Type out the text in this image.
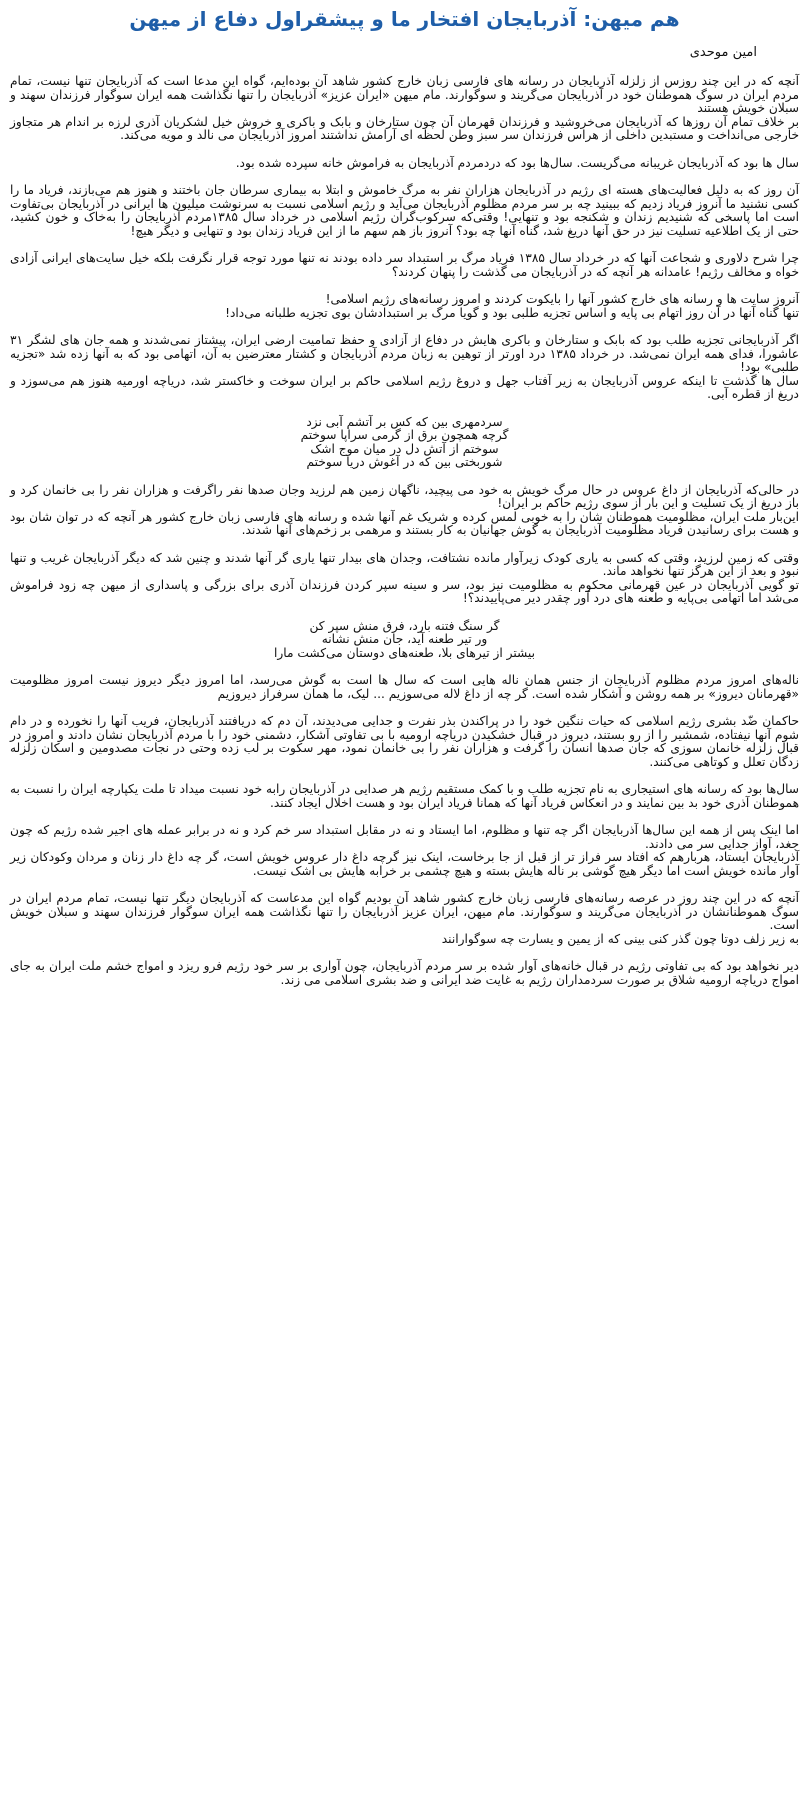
هم میهن: آذربایجان افتخار ما و پیشقراول دفاع از میهن
امین موحدی
آنچه که در این چند روزس از زلزله آذربایجان در رسانه های فارسی زبان خارج کشور شاهد آن بوده‌ایم، گواه این مدعا است که آذربایجان تنها نیست، تمام مردم ایران در سوگ هموطنان خود در آذربایجان می‌گریند و سوگوارند. مام میهن «ایران عزیز» آذربایجان را تنها نگذاشت همه ایران سوگوار فرزندان سهند و سبلان خویش هستند
بر خلاف تمام آن روزها که آذربایجان می‌خروشید و فرزندان قهرمان آن چون ستارخان و بابک و باکری و خروش خیل لشکریان آذری لرزه بر اندام هر متجاوز خارجی می‌انداخت و مستبدین داخلی از هراس فرزندان سر سبز وطن لحظه ای آرامش نداشتند امروز آذربایجان می نالد و مویه می‌کند.
سال ها بود که آذربایجان غریبانه می‌گریست. سال‌ها بود که دردمردم آذربایجان به فراموش خانه سپرده شده بود.
آن روز که به دلیل فعالیت‌های هسته ای رژیم در آذربایجان هزاران نفر به مرگ خاموش و ابتلا به بیماری سرطان جان باختند و هنوز هم می‌بازند، فریاد ما را کسی نشنید ما آنروز فریاد زدیم که ببینید چه بر سر مردم مظلوم آذربایجان می‌آید و رژیم اسلامی نسبت به سرنوشت میلیون ها ایرانی در آذربایجان بی‌تفاوت است اما پاسخی که شنیدیم زندان و شکنجه بود و تنهایی! وقتی‌که سرکوب‌گران رژیم اسلامی در خرداد سال ۱۳۸۵مردم آذربایجان را به‌خاک و خون کشید، حتی از یک اطلاعیه تسلیت نیز در حق آنها دریغ شد، گناه آنها چه بود؟ آنروز باز هم سهم ما از این فریاد زندان بود و تنهایی و دیگر هیچ!
چرا شرح دلاوری و شجاعت آنها که در خرداد سال ۱۳۸۵ فریاد مرگ بر استبداد سر داده بودند نه تنها مورد توجه قرار نگرفت بلکه خیل سایت‌های ایرانی آزادی خواه و مخالف رژیم! عامدانه هر آنچه که در آذربایجان می گذشت را پنهان کردند؟
آنروز سایت ها و رسانه های خارج کشور آنها را بایکوت کردند و امروز رسانه‌های رژیم اسلامی!
تنها گناه آنها در آن روز اتهام بی پایه و اساس تجزیه طلبی بود و گویا مرگ بر استبدادشان بوی تجزیه طلبانه می‌داد!
اگر آذربایجانی تجزیه طلب بود که بابک و ستارخان و باکری هایش در دفاع از آزادی و حفظ تمامیت ارضی ایران، پیشتاز نمی‌شدند و همه جان های لشگر ۳۱ عاشورا، فدای همه ایران نمی‌شد. در خرداد ۱۳۸۵ درد اورتر از توهین به زبان مردم آذربایجان و کشتار معترضین به آن، اتهامی بود که به آنها زده شد «تجزیه طلبی» بود!
سال ها گذشت تا اینکه عروس آذربایجان به زیر آفتاب جهل و دروغ رژیم اسلامی حاکم بر ایران سوخت و خاکستر شد، دریاچه اورمیه هنوز هم می‌سوزد و دریغ از قطره آبی.
سردمهری بین که کس بر آتشم آبی نزد
گرچه همچون برق از گرمی سراپا سوختم
سوختم از آتش دل در میان موج اشک
شوربختی بین که در آغوش دریا سوختم
در حالی‌که آذربایجان از داغ عروس در حال مرگ خویش به خود می پیچید، ناگهان زمین هم لرزید وجان صدها نفر راگرفت و هزاران نفر را بی خانمان کرد و باز دریغ از یک تسلیت و این بار از سوی رژیم حاکم بر ایران!
این‌بار ملت ایران، مظلومیت هموطنان شان را به خوبی لمس کرده و شریک غم آنها شده و رسانه های فارسی زبان خارج کشور هر آنچه که در توان شان بود و هست برای رسانیدن فریاد مظلومیت آذربایجان به گوش جهانیان به کار بستند و مرهمی بر زخم‌های آنها شدند.
وقتی که زمین لرزید، وقتی که کسی به یاری کودک زیرآوار مانده نشتافت، وجدان های بیدار تنها یاری گر آنها شدند و چنین شد که دیگر آذربایجان غریب و تنها نبود و بعد از این هرگز تنها نخواهد ماند.
تو گویی آذربایجان در عین قهرمانی محکوم به مظلومیت نیز بود، سر و سینه سپر کردن فرزندان آذری برای بزرگی و پاسداری از میهن چه زود فراموش می‌شد اما اتهامی بی‌پایه و طعنه های درد آور چقدر دیر می‌پاییدند؟!
گر سنگ فتنه بارد، فرق منش سپر کن
ور تیر طعنه آید، جان منش نشانه
بیشتر از تیرهای بلا، طعنه‌های دوستان می‌کشت مارا
ناله‌های امروز مردم مظلوم آذربایجان از جنس همان ناله هایی است که سال ها است به گوش می‌رسد، اما امروز دیگر دیروز نیست امروز مظلومیت «قهرمانان دیروز» بر همه روشن و آشکار شده است. گر چه از داغ لاله می‌سوزیم ... لیک، ما همان سرفراز دیروزیم
حاکمان ضّد بشری رژیم اسلامی که حیات ننگین خود را در پراکندن بذر نفرت و جدایی می‌دیدند، آن دم که دریافتند آذربایجان، فریب آنها را نخورده و در دام شوم آنها نیفتاده، شمشیر را از رو بستند، دیروز در قبال خشکیدن دریاچه ارومیه با بی تفاوتی آشکار، دشمنی خود را با مردم آذربایجان نشان دادند و امروز در قبال زلزله خانمان سوزی که جان صدها انسان را گرفت و هزاران نفر را بی خانمان نمود، مهر سکوت بر لب زده وحتی در نجات مصدومین و اسکان زلزله زدگان تعلل و کوتاهی می‌کنند.
سال‌ها بود که رسانه های استیجاری به نام تجزیه طلب و با کمک مستقیم رژیم هر صدایی در آذربایجان رابه خود نسبت میداد تا ملت یکپارچه ایران را نسبت به هموطنان آذری خود بد بین نمایند و در انعکاس فریاد آنها که همانا فریاد ایران بود و هست اخلال ایجاد کنند.
اما اینک پس از همه این سال‌ها آذربایجان اگر چه تنها و مظلوم، اما ایستاد و نه در مقابل استبداد سر خم کرد و نه در برابر عمله های اجیر شده رژیم که چون جغد، آواز جدایی سر می دادند.
آذربایجان ایستاد، هربارهم که افتاد سر فراز تر از قبل از جا برخاست، اینک نیز گرچه داغ دار عروس خویش است، گر چه داغ دار زنان و مردان وکودکان زیر آوار مانده خویش است اما دیگر هیچ گوشی بر ناله هایش بسته و هیچ چشمی بر خرابه هایش بی اشک نیست.
آنچه که در این چند روز در عرصه رسانه‌های فارسی زبان خارج کشور شاهد آن بودیم گواه این مدعاست که آذربایجان دیگر تنها نیست، تمام مردم ایران در سوگ هموطنانشان در آذربایجان می‌گریند و سوگوارند. مام میهن، ایران عزیز آذربایجان را تنها نگذاشت همه ایران سوگوار فرزندان سهند و سبلان خویش است.
به زیر زلف دوتا چون گذر کنی بینی که از یمین و یسارت چه سوگوارانند
دیر نخواهد بود که بی تفاوتی رژیم در قبال خانه‌های آوار شده بر سر مردم آذربایجان، چون آواری بر سر خود رژیم فرو ریزد و امواج خشم ملت ایران به جای امواج دریاچه ارومیه شلاق بر صورت سردمداران رژیم به غایت ضد ایرانی و ضد بشری اسلامی می زند.
